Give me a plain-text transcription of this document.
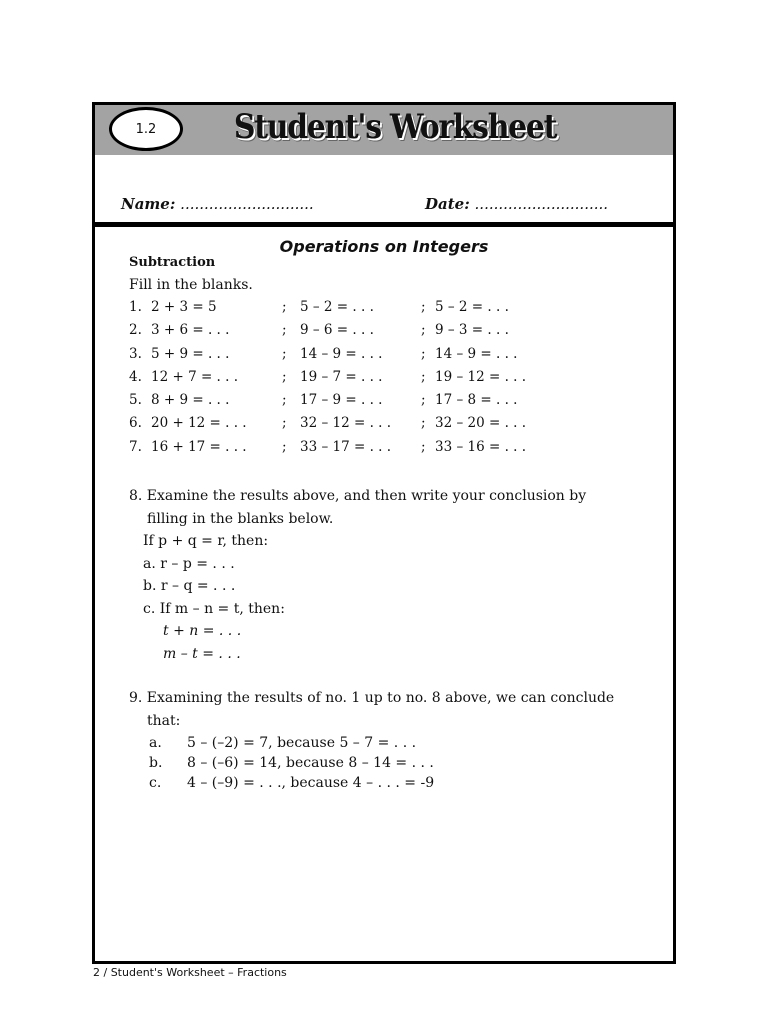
1.2	Student's Worksheet
Name: ............................	Date: ............................
Operations on Integers
Subtraction
Fill in the blanks.
1. 2 + 3 = 5	; 5 – 2 = . . .	; 5 – 2 = . . .
2. 3 + 6 = . . .	; 9 – 6 = . . .	; 9 – 3 = . . .
3. 5 + 9 = . . .	; 14 – 9 = . . .	; 14 – 9 = . . .
4. 12 + 7 = . . .	; 19 – 7 = . . .	; 19 – 12 = . . .
5. 8 + 9 = . . .	; 17 – 9 = . . .	; 17 – 8 = . . .
6. 20 + 12 = . . .	; 32 – 12 = . . . ; 32 – 20 = . . .
7. 16 + 17 = . . .	; 33 – 17 = . . . ; 33 – 16 = . . .
8. Examine the results above, and then write your conclusion by
filling in the blanks below.
If p + q = r, then:
a. r – p = . . .
b. r – q = . . .
c. If m – n = t, then:
t + n = . . .
m – t = . . .
9. Examining the results of no. 1 up to no. 8 above, we can conclude
that:
a. 5 – (–2) = 7, because 5 – 7 = . . .
b. 8 – (–6) = 14, because 8 – 14 = . . .
c. 4 – (–9) = . . ., because 4 – . . . = -9
2 / Student's Worksheet – Fractions
